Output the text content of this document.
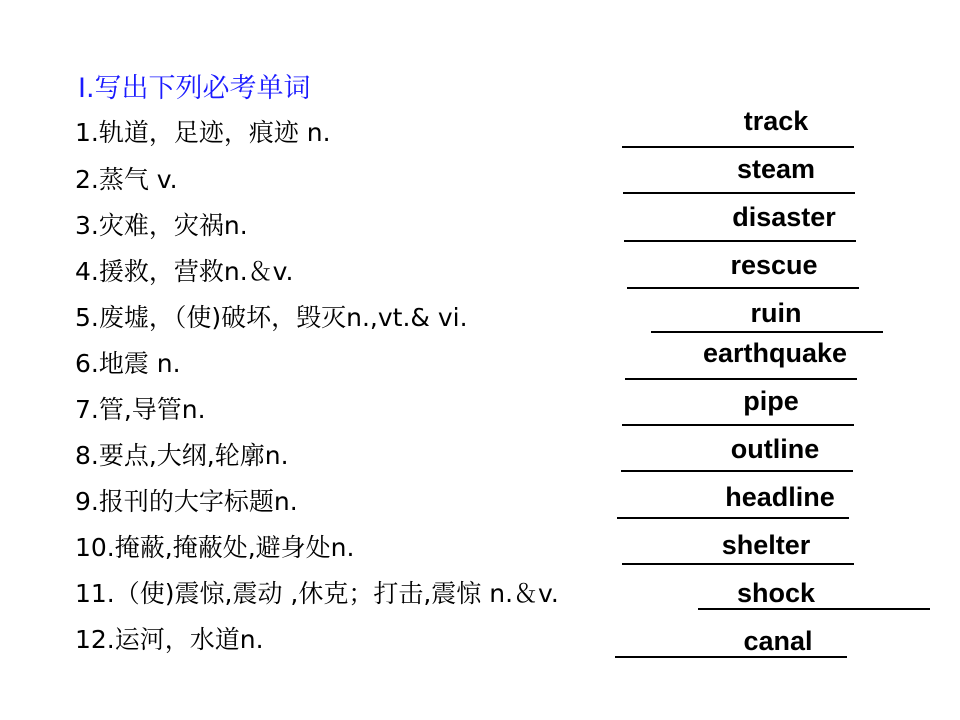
Ⅰ.写出下列必考单词
1.轨道，足迹，痕迹 n.	track
2.蒸气 v.	steam
3.灾难，灾祸n.	disaster
4.援救，营救n.＆v.	rescue
5.废墟，（使)破坏，毁灭n.,vt.& vi.	ruin
6.地震 n.	earthquake
7.管,导管n.	pipe
8.要点,大纲,轮廓n.	outline
9.报刊的大字标题n.	headline
10.掩蔽,掩蔽处,避身处n.	shelter
11.（使)震惊,震动 ,休克；打击,震惊 n.＆v.	shock
12.运河，水道n.	canal
